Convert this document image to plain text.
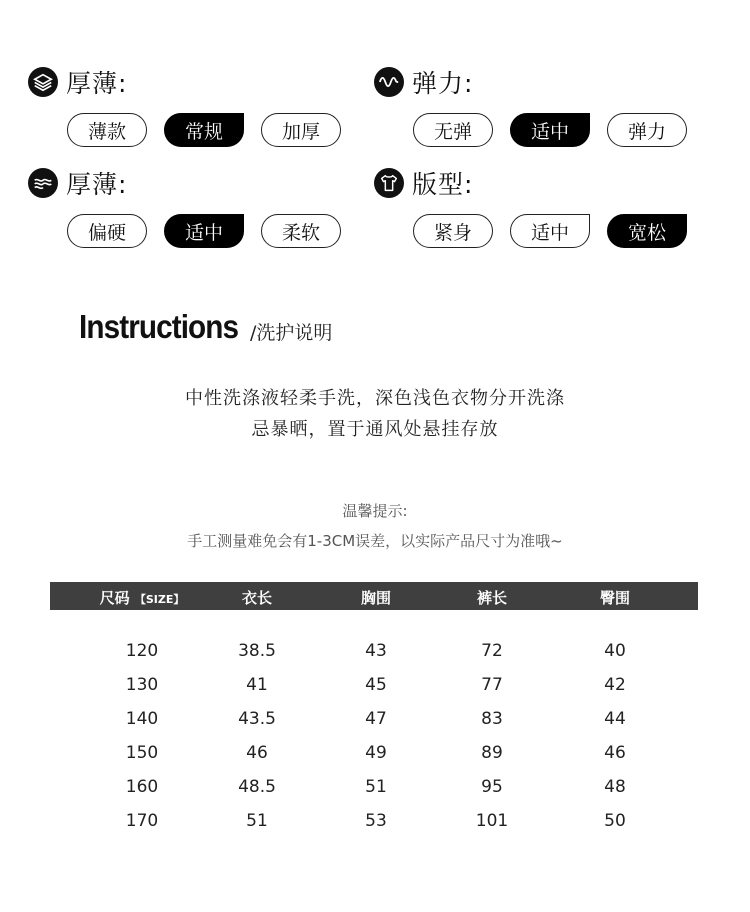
厚薄:
薄款	常规	加厚
弹力:
无弹	适中	弹力
厚薄:
偏硬	适中	柔软
版型:
紧身	适中	宽松
Instructions /洗护说明
中性洗涤液轻柔手洗，深色浅色衣物分开洗涤
忌暴晒，置于通风处悬挂存放
温馨提示:
手工测量难免会有1-3CM误差，以实际产品尺寸为准哦~
尺码 【SIZE】	衣长	胸围	裤长	臀围
120	38.5	43	72	40
130	41	45	77	42
140	43.5	47	83	44
150	46	49	89	46
160	48.5	51	95	48
170	51	53	101	50
